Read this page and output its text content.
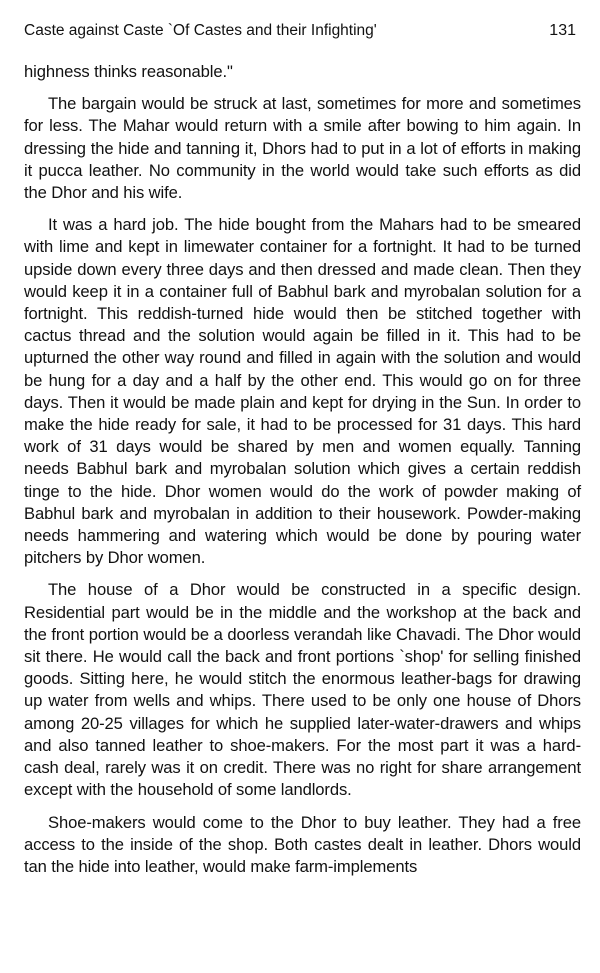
Caste against Caste `Of Castes and their Infighting'	131

highness thinks reasonable."

The bargain would be struck at last, sometimes for more and sometimes for less. The Mahar would return with a smile after bowing to him again. In dressing the hide and tanning it, Dhors had to put in a lot of efforts in making it pucca leather. No community in the world would take such efforts as did the Dhor and his wife.

It was a hard job. The hide bought from the Mahars had to be smeared with lime and kept in limewater container for a fortnight. It had to be turned upside down every three days and then dressed and made clean. Then they would keep it in a container full of Babhul bark and myrobalan solution for a fortnight. This reddish-turned hide would then be stitched together with cactus thread and the solution would again be filled in it. This had to be upturned the other way round and filled in again with the solution and would be hung for a day and a half by the other end. This would go on for three days. Then it would be made plain and kept for drying in the Sun. In order to make the hide ready for sale, it had to be processed for 31 days. This hard work of 31 days would be shared by men and women equally. Tanning needs Babhul bark and myrobalan solution which gives a certain reddish tinge to the hide. Dhor women would do the work of powder making of Babhul bark and myrobalan in addition to their housework. Powder-making needs hammering and watering which would be done by pouring water pitchers by Dhor women.

The house of a Dhor would be constructed in a specific design. Residential part would be in the middle and the workshop at the back and the front portion would be a doorless verandah like Chavadi. The Dhor would sit there. He would call the back and front portions `shop' for selling finished goods. Sitting here, he would stitch the enormous leather-bags for drawing up water from wells and whips. There used to be only one house of Dhors among 20-25 villages for which he supplied later-water-drawers and whips and also tanned leather to shoe-makers. For the most part it was a hard-cash deal, rarely was it on credit. There was no right for share arrangement except with the household of some landlords.

Shoe-makers would come to the Dhor to buy leather. They had a free access to the inside of the shop. Both castes dealt in leather. Dhors would tan the hide into leather, would make farm-implements
